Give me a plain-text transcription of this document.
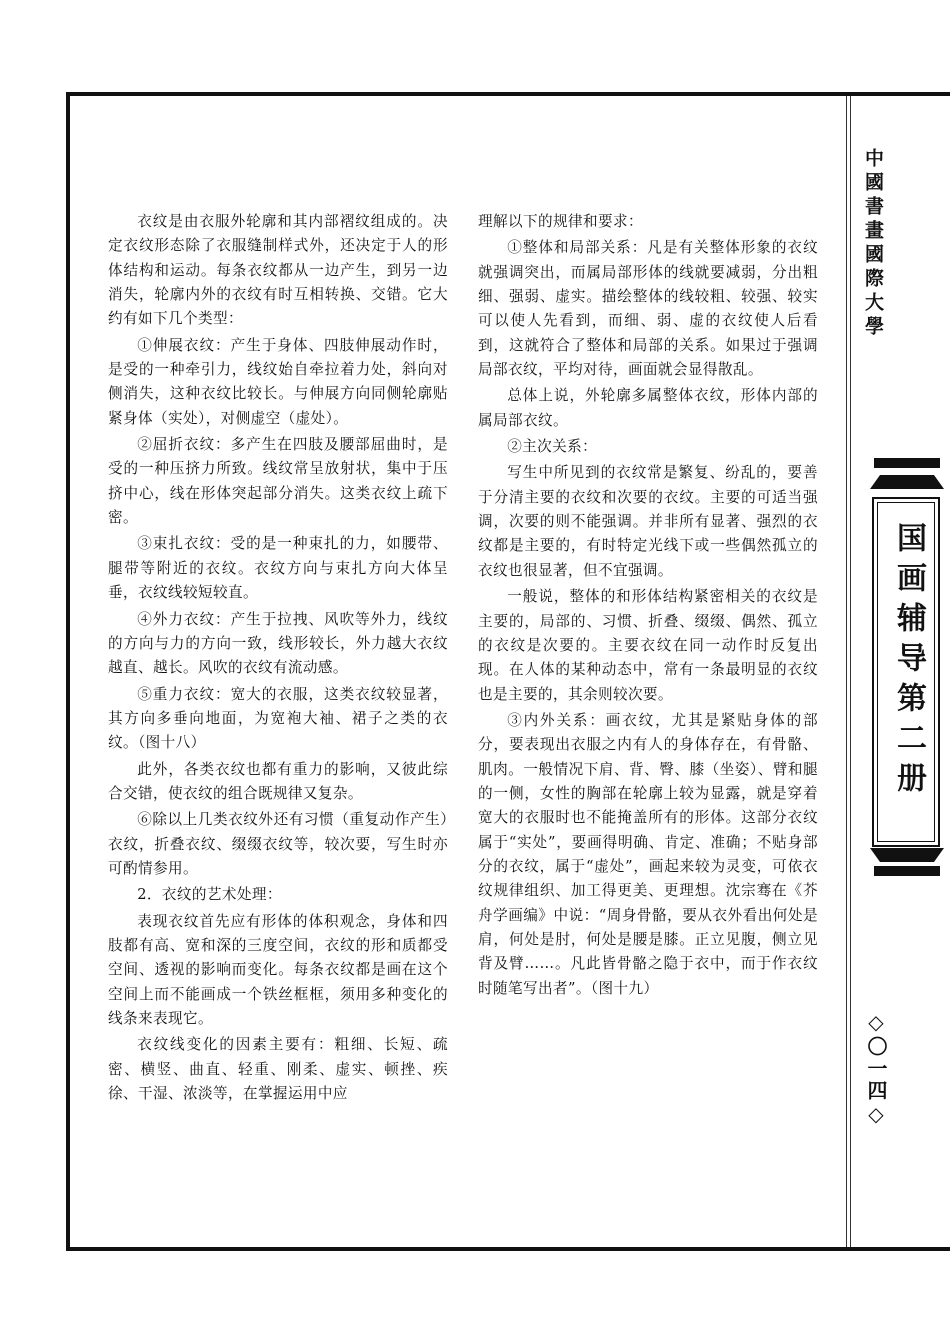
衣纹是由衣服外轮廓和其内部褶纹组成的。决定衣纹形态除了衣服缝制样式外，还决定于人的形体结构和运动。每条衣纹都从一边产生，到另一边消失，轮廓内外的衣纹有时互相转换、交错。它大约有如下几个类型：

①伸展衣纹：产生于身体、四肢伸展动作时，是受的一种牵引力，线纹始自牵拉着力处，斜向对侧消失，这种衣纹比较长。与伸展方向同侧轮廓贴紧身体（实处），对侧虚空（虚处）。

②屈折衣纹：多产生在四肢及腰部屈曲时，是受的一种压挤力所致。线纹常呈放射状，集中于压挤中心，线在形体突起部分消失。这类衣纹上疏下密。

③束扎衣纹：受的是一种束扎的力，如腰带、腿带等附近的衣纹。衣纹方向与束扎方向大体呈垂，衣纹线较短较直。

④外力衣纹：产生于拉拽、风吹等外力，线纹的方向与力的方向一致，线形较长，外力越大衣纹越直、越长。风吹的衣纹有流动感。

⑤重力衣纹：宽大的衣服，这类衣纹较显著，其方向多垂向地面，为宽袍大袖、裙子之类的衣纹。（图十八）

此外，各类衣纹也都有重力的影响，又彼此综合交错，使衣纹的组合既规律又复杂。

⑥除以上几类衣纹外还有习惯（重复动作产生）衣纹，折叠衣纹、缀缀衣纹等，较次要，写生时亦可酌情参用。

2．衣纹的艺术处理：

表现衣纹首先应有形体的体积观念，身体和四肢都有高、宽和深的三度空间，衣纹的形和质都受空间、透视的影响而变化。每条衣纹都是画在这个空间上而不能画成一个铁丝框框，须用多种变化的线条来表现它。

衣纹线变化的因素主要有：粗细、长短、疏密、横竖、曲直、轻重、刚柔、虚实、顿挫、疾徐、干湿、浓淡等，在掌握运用中应

理解以下的规律和要求：

①整体和局部关系：凡是有关整体形象的衣纹就强调突出，而属局部形体的线就要减弱，分出粗细、强弱、虚实。描绘整体的线较粗、较强、较实可以使人先看到，而细、弱、虚的衣纹使人后看到，这就符合了整体和局部的关系。如果过于强调局部衣纹，平均对待，画面就会显得散乱。

总体上说，外轮廓多属整体衣纹，形体内部的属局部衣纹。

②主次关系：

写生中所见到的衣纹常是繁复、纷乱的，要善于分清主要的衣纹和次要的衣纹。主要的可适当强调，次要的则不能强调。并非所有显著、强烈的衣纹都是主要的，有时特定光线下或一些偶然孤立的衣纹也很显著，但不宜强调。

一般说，整体的和形体结构紧密相关的衣纹是主要的，局部的、习惯、折叠、缀缀、偶然、孤立的衣纹是次要的。主要衣纹在同一动作时反复出现。在人体的某种动态中，常有一条最明显的衣纹也是主要的，其余则较次要。

③内外关系：画衣纹，尤其是紧贴身体的部分，要表现出衣服之内有人的身体存在，有骨骼、肌肉。一般情况下肩、背、臀、膝（坐姿）、臂和腿的一侧，女性的胸部在轮廓上较为显露，就是穿着宽大的衣服时也不能掩盖所有的形体。这部分衣纹属于“实处”，要画得明确、肯定、准确；不贴身部分的衣纹，属于“虚处”，画起来较为灵变，可依衣纹规律组织、加工得更美、更理想。沈宗骞在《芥舟学画编》中说：“周身骨骼，要从衣外看出何处是肩，何处是肘，何处是腰是膝。正立见腹，侧立见背及臂……。凡此皆骨骼之隐于衣中，而于作衣纹时随笔写出者”。（图十九）

中國書畫國際大學
国画辅导第二册
◇〇一四◇
